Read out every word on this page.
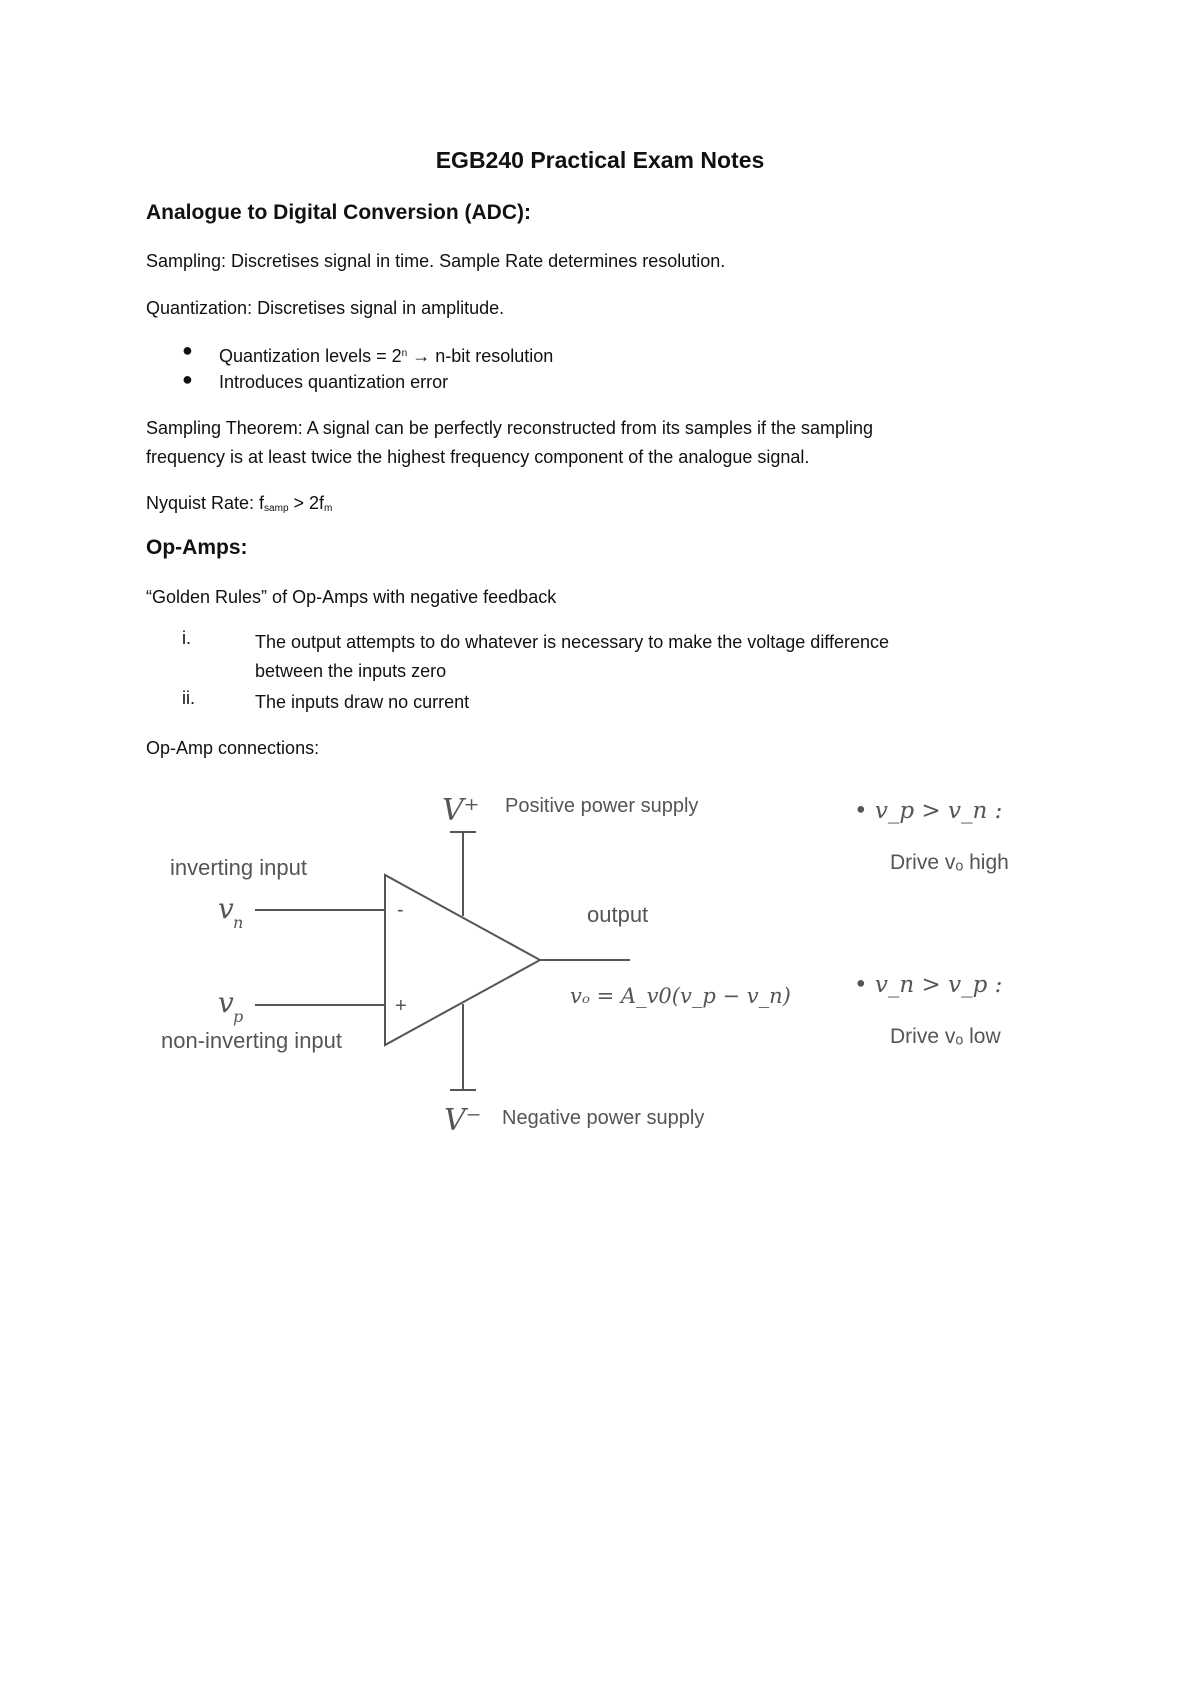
EGB240 Practical Exam Notes
Analogue to Digital Conversion (ADC):
Sampling: Discretises signal in time. Sample Rate determines resolution.
Quantization: Discretises signal in amplitude.
● Quantization levels = $2^n \to n-bit$ resolution
● Introduces quantization error
Sampling Theorem: A signal can be perfectly reconstructed from its samples if the sampling
frequency is at least twice the highest frequency component of the analogue signal.
Nyquist Rate: $f_{samp} > 2f_m$
Op-Amps:
“Golden Rules” of Op-Amps with negative feedback
i.	The output attempts to do whatever is necessary to make the voltage difference
between the inputs zero
ii.	The inputs draw no current
Op-Amp connections:
V⁺ Positive power supply
V⁻ Negative power supply
inverting input
v n
v p
non-inverting input
-
+
output
vₒ = A_v0(v_p − v_n)
• v_p > v_n :
Drive vₒ high
• v_n > v_p :
Drive vₒ low
